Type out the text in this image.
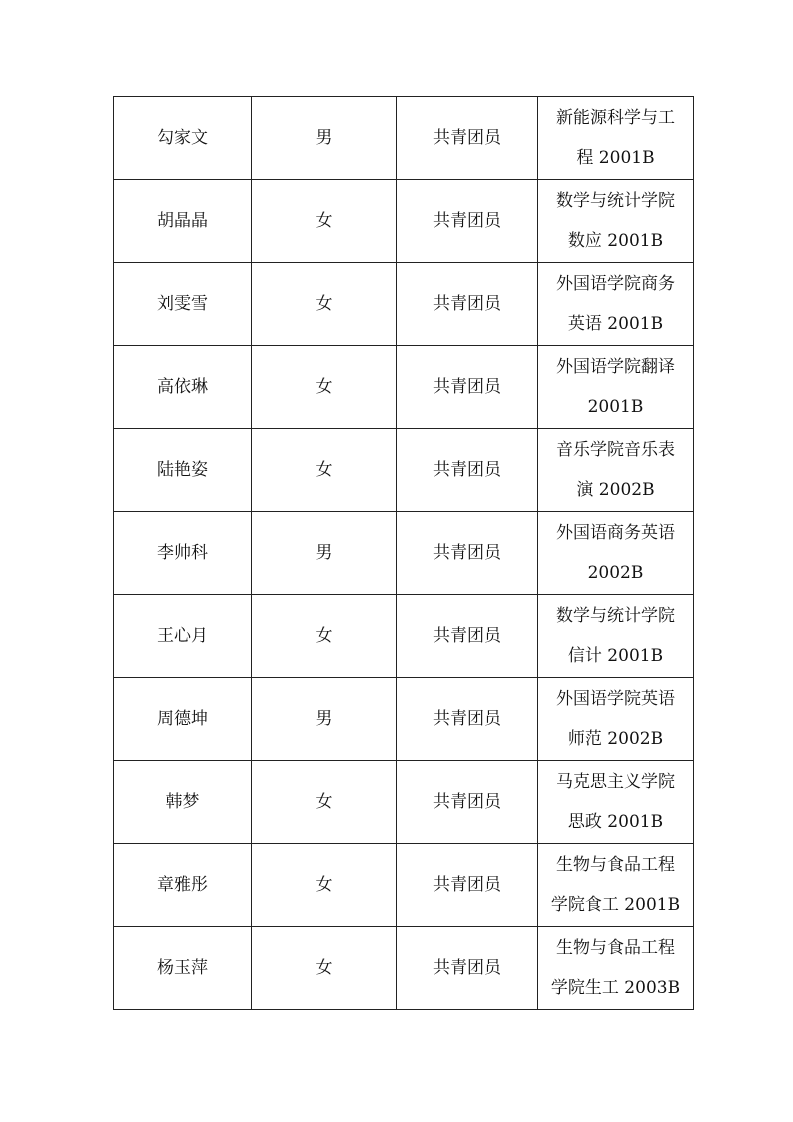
勾家文	男	共青团员	新能源科学与工
程 2001B

胡晶晶	女	共青团员	数学与统计学院
数应 2001B

刘雯雪	女	共青团员	外国语学院商务
英语 2001B

高依琳	女	共青团员	外国语学院翻译
2001B

陆艳姿	女	共青团员	音乐学院音乐表
演 2002B

李帅科	男	共青团员	外国语商务英语
2002B

王心月	女	共青团员	数学与统计学院
信计 2001B

周德坤	男	共青团员	外国语学院英语
师范 2002B

韩梦	女	共青团员	马克思主义学院
思政 2001B

章雅彤	女	共青团员	生物与食品工程
学院食工 2001B

杨玉萍	女	共青团员	生物与食品工程
学院生工 2003B
